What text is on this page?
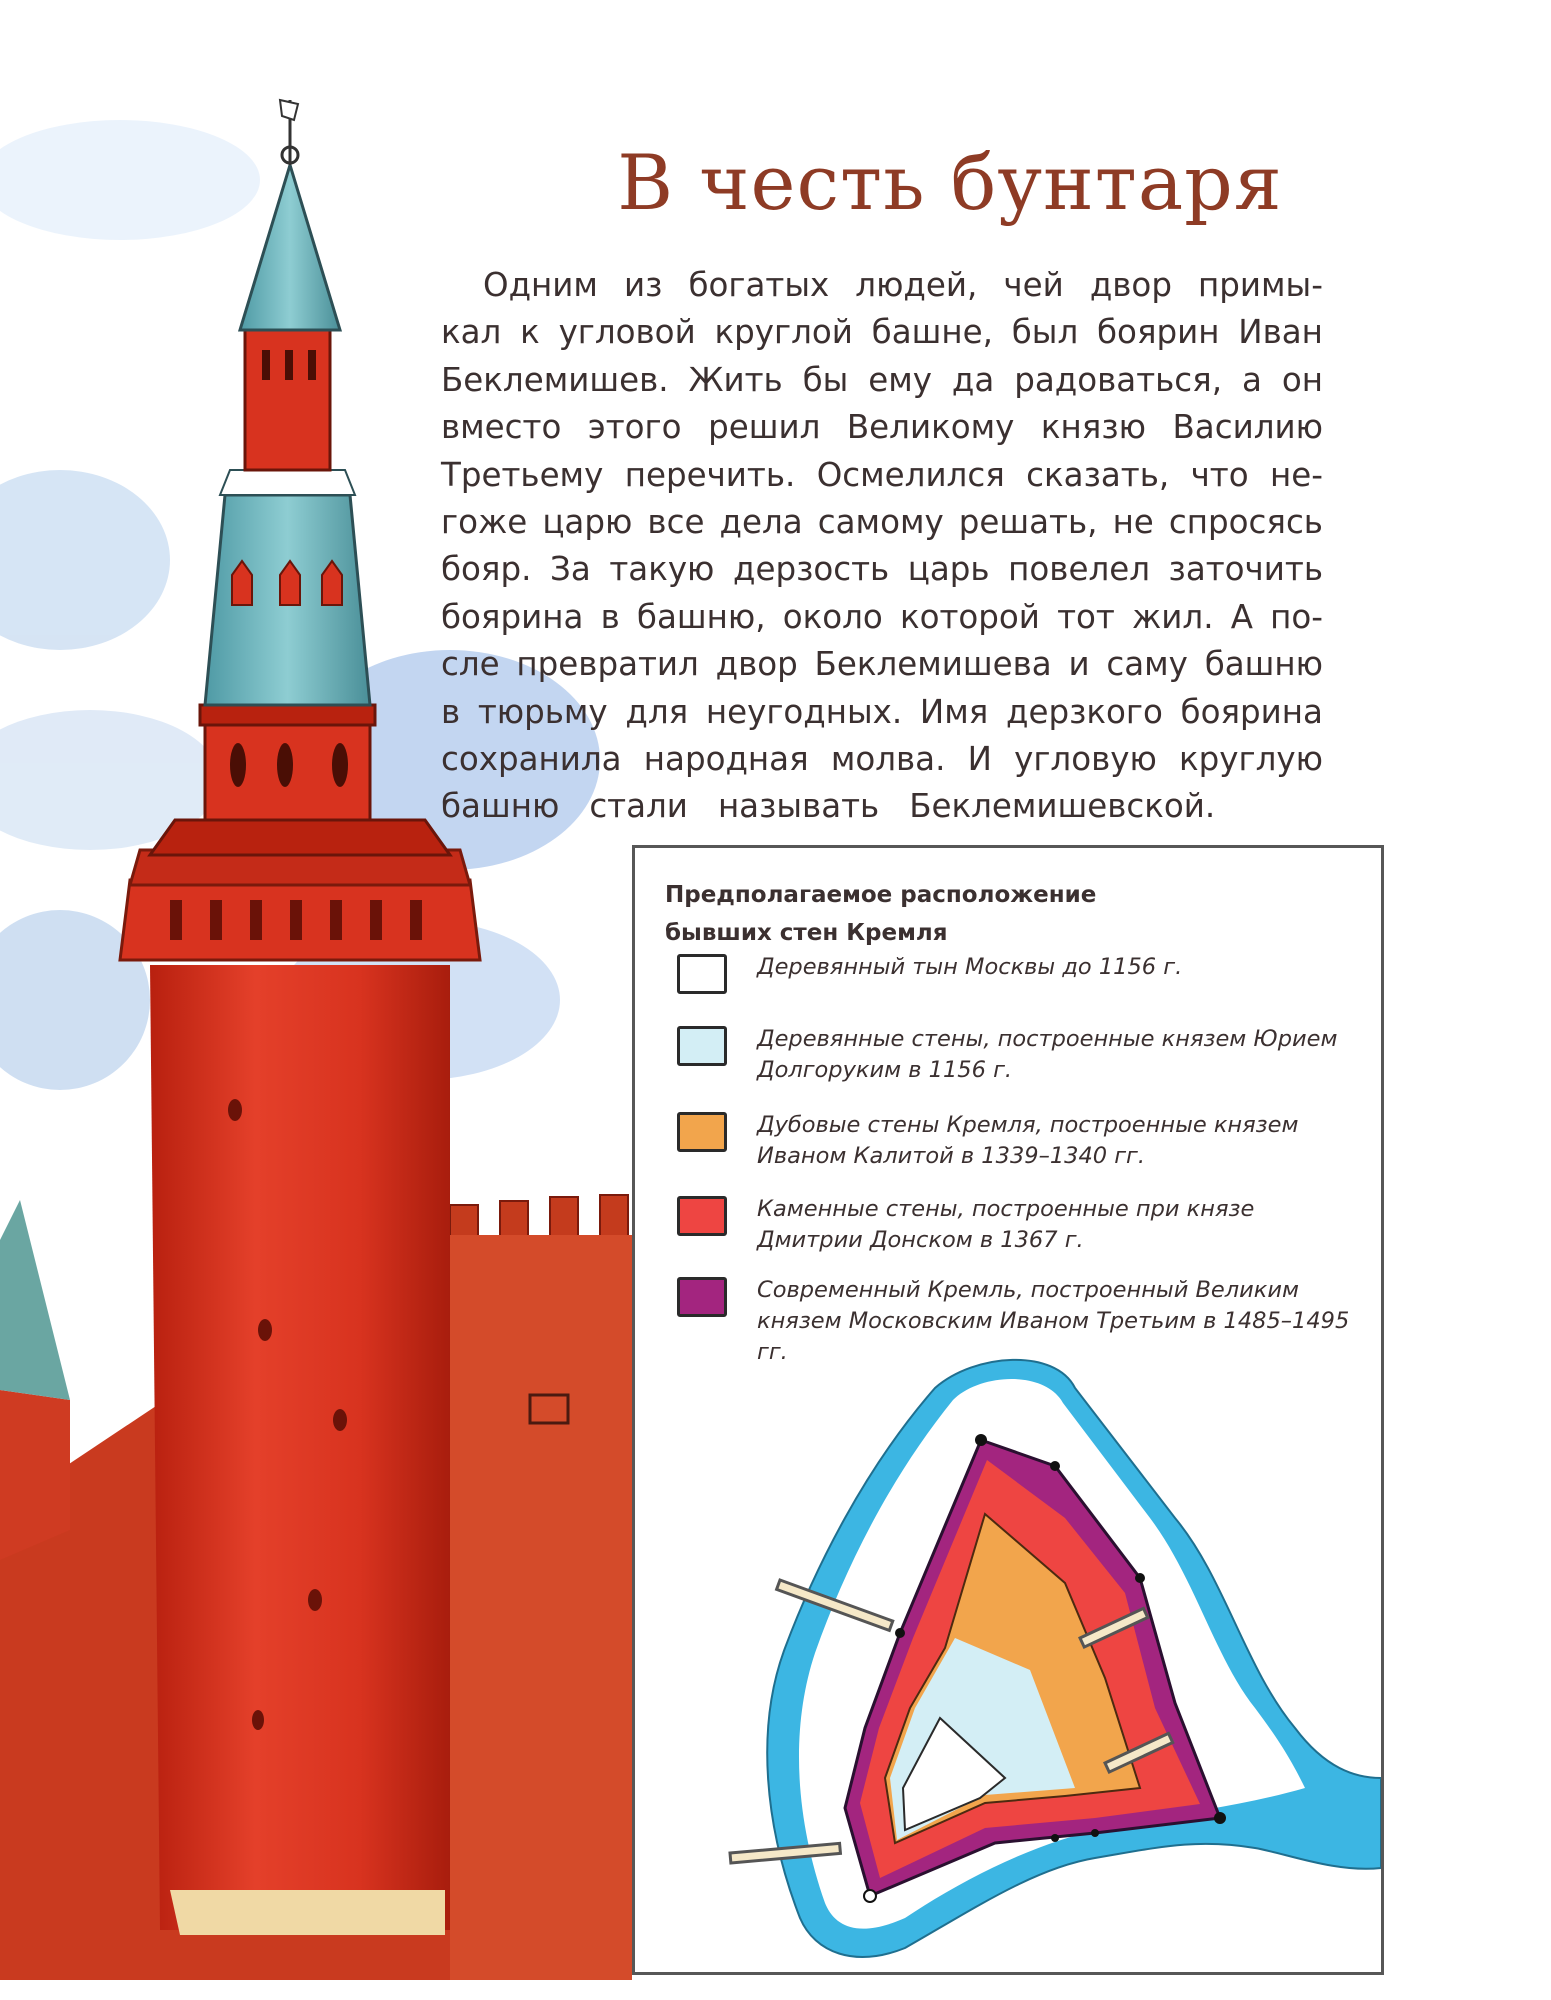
В честь бунтаря
Одним из богатых людей, чей двор примы-
кал к угловой круглой башне, был боярин Иван
Беклемишев. Жить бы ему да радоваться, а он
вместо этого решил Великому князю Василию
Третьему перечить. Осмелился сказать, что не-
гоже царю все дела самому решать, не спросясь
бояр. За такую дерзость царь повелел заточить
боярина в башню, около которой тот жил. А по-
сле превратил двор Беклемишева и саму башню
в тюрьму для неугодных. Имя дерзкого боярина
сохранила народная молва. И угловую круглую
башню стали называть Беклемишевской.
Предполагаемое расположение бывших стен Кремля
Деревянный тын Москвы до 1156 г.
Деревянные стены, построенные князем Юрием Долгоруким в 1156 г.
Дубовые стены Кремля, построенные князем Иваном Калитой в 1339–1340 гг.
Каменные стены, построенные при князе Дмитрии Донском в 1367 г.
Современный Кремль, построенный Великим князем Московским Иваном Третьим в 1485–1495 гг.
